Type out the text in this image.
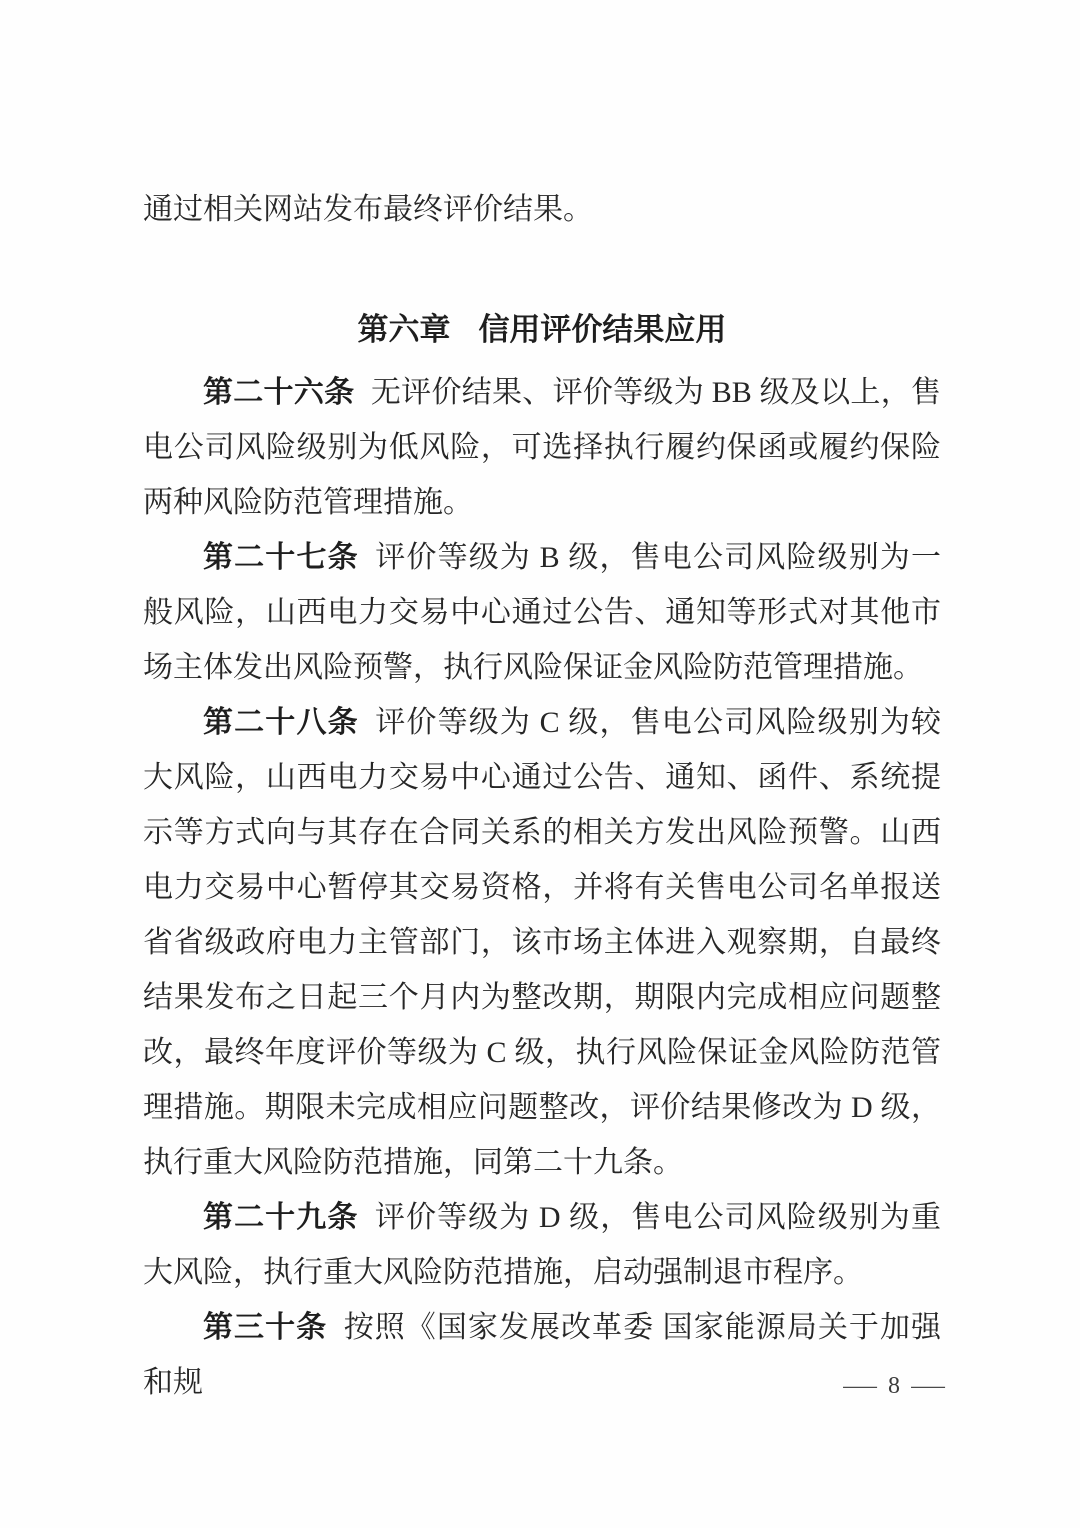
通过相关网站发布最终评价结果。

第六章 信用评价结果应用

第二十六条 无评价结果、评价等级为 BB 级及以上，售电公司风险级别为低风险，可选择执行履约保函或履约保险两种风险防范管理措施。

第二十七条 评价等级为 B 级，售电公司风险级别为一般风险，山西电力交易中心通过公告、通知等形式对其他市场主体发出风险预警，执行风险保证金风险防范管理措施。

第二十八条 评价等级为 C 级，售电公司风险级别为较大风险，山西电力交易中心通过公告、通知、函件、系统提示等方式向与其存在合同关系的相关方发出风险预警。山西电力交易中心暂停其交易资格，并将有关售电公司名单报送省省级政府电力主管部门，该市场主体进入观察期，自最终结果发布之日起三个月内为整改期，期限内完成相应问题整改，最终年度评价等级为 C 级，执行风险保证金风险防范管理措施。期限未完成相应问题整改，评价结果修改为 D 级，执行重大风险防范措施，同第二十九条。

第二十九条 评价等级为 D 级，售电公司风险级别为重大风险，执行重大风险防范措施，启动强制退市程序。

第三十条 按照《国家发展改革委 国家能源局关于加强和规	— 8 —
